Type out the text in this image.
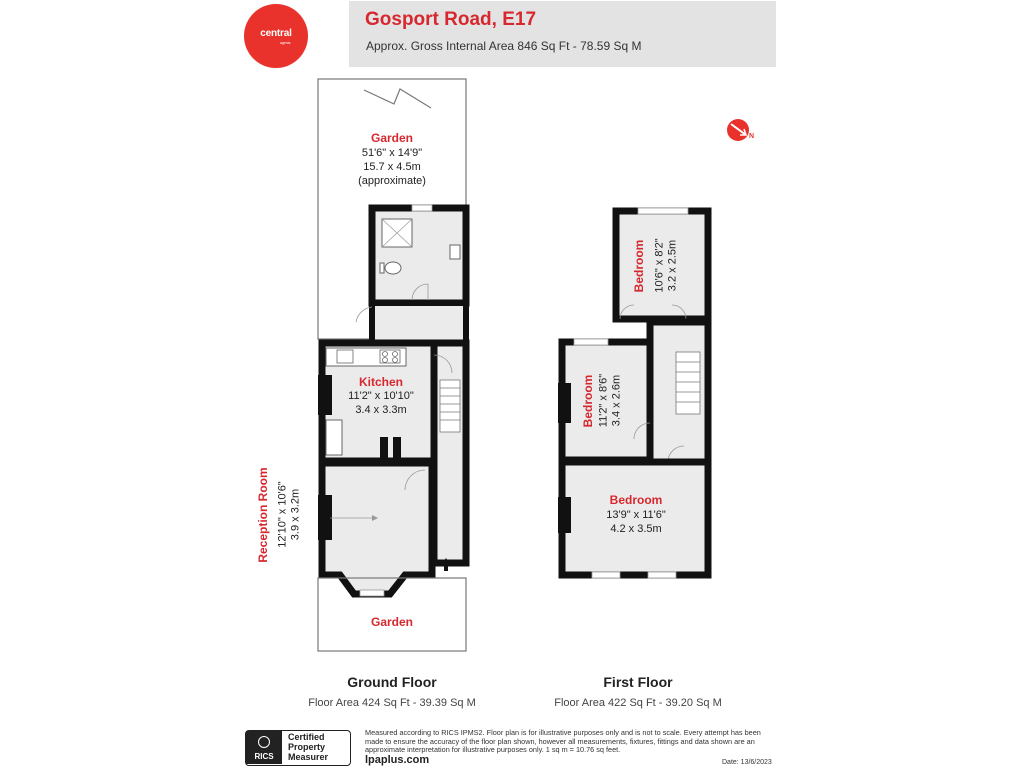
central
agents
Gosport Road, E17
Approx. Gross Internal Area 846 Sq Ft - 78.59 Sq M
N
Garden
51'6" x 14'9"
15.7 x 4.5m
(approximate)
Kitchen
11'2" x 10'10"
3.4 x 3.3m
Reception Room 12'10" x 10'6" 3.9 x 3.2m
Garden
Bedroom 10'6" x 8'2" 3.2 x 2.5m
Bedroom 11'2" x 8'6" 3.4 x 2.6m
Bedroom
13'9" x 11'6"
4.2 x 3.5m
Ground Floor
Floor Area 424 Sq Ft - 39.39 Sq M
First Floor
Floor Area 422 Sq Ft - 39.20 Sq M
RICS
Certified
Property
Measurer
Measured according to RICS IPMS2. Floor plan is for illustrative purposes only and is not to scale. Every attempt has been made to ensure the accuracy of the floor plan shown, however all measurements, fixtures, fittings and data shown are an approximate interpretation for illustrative purposes only. 1 sq m = 10.76 sq feet.
lpaplus.com	Date: 13/6/2023
